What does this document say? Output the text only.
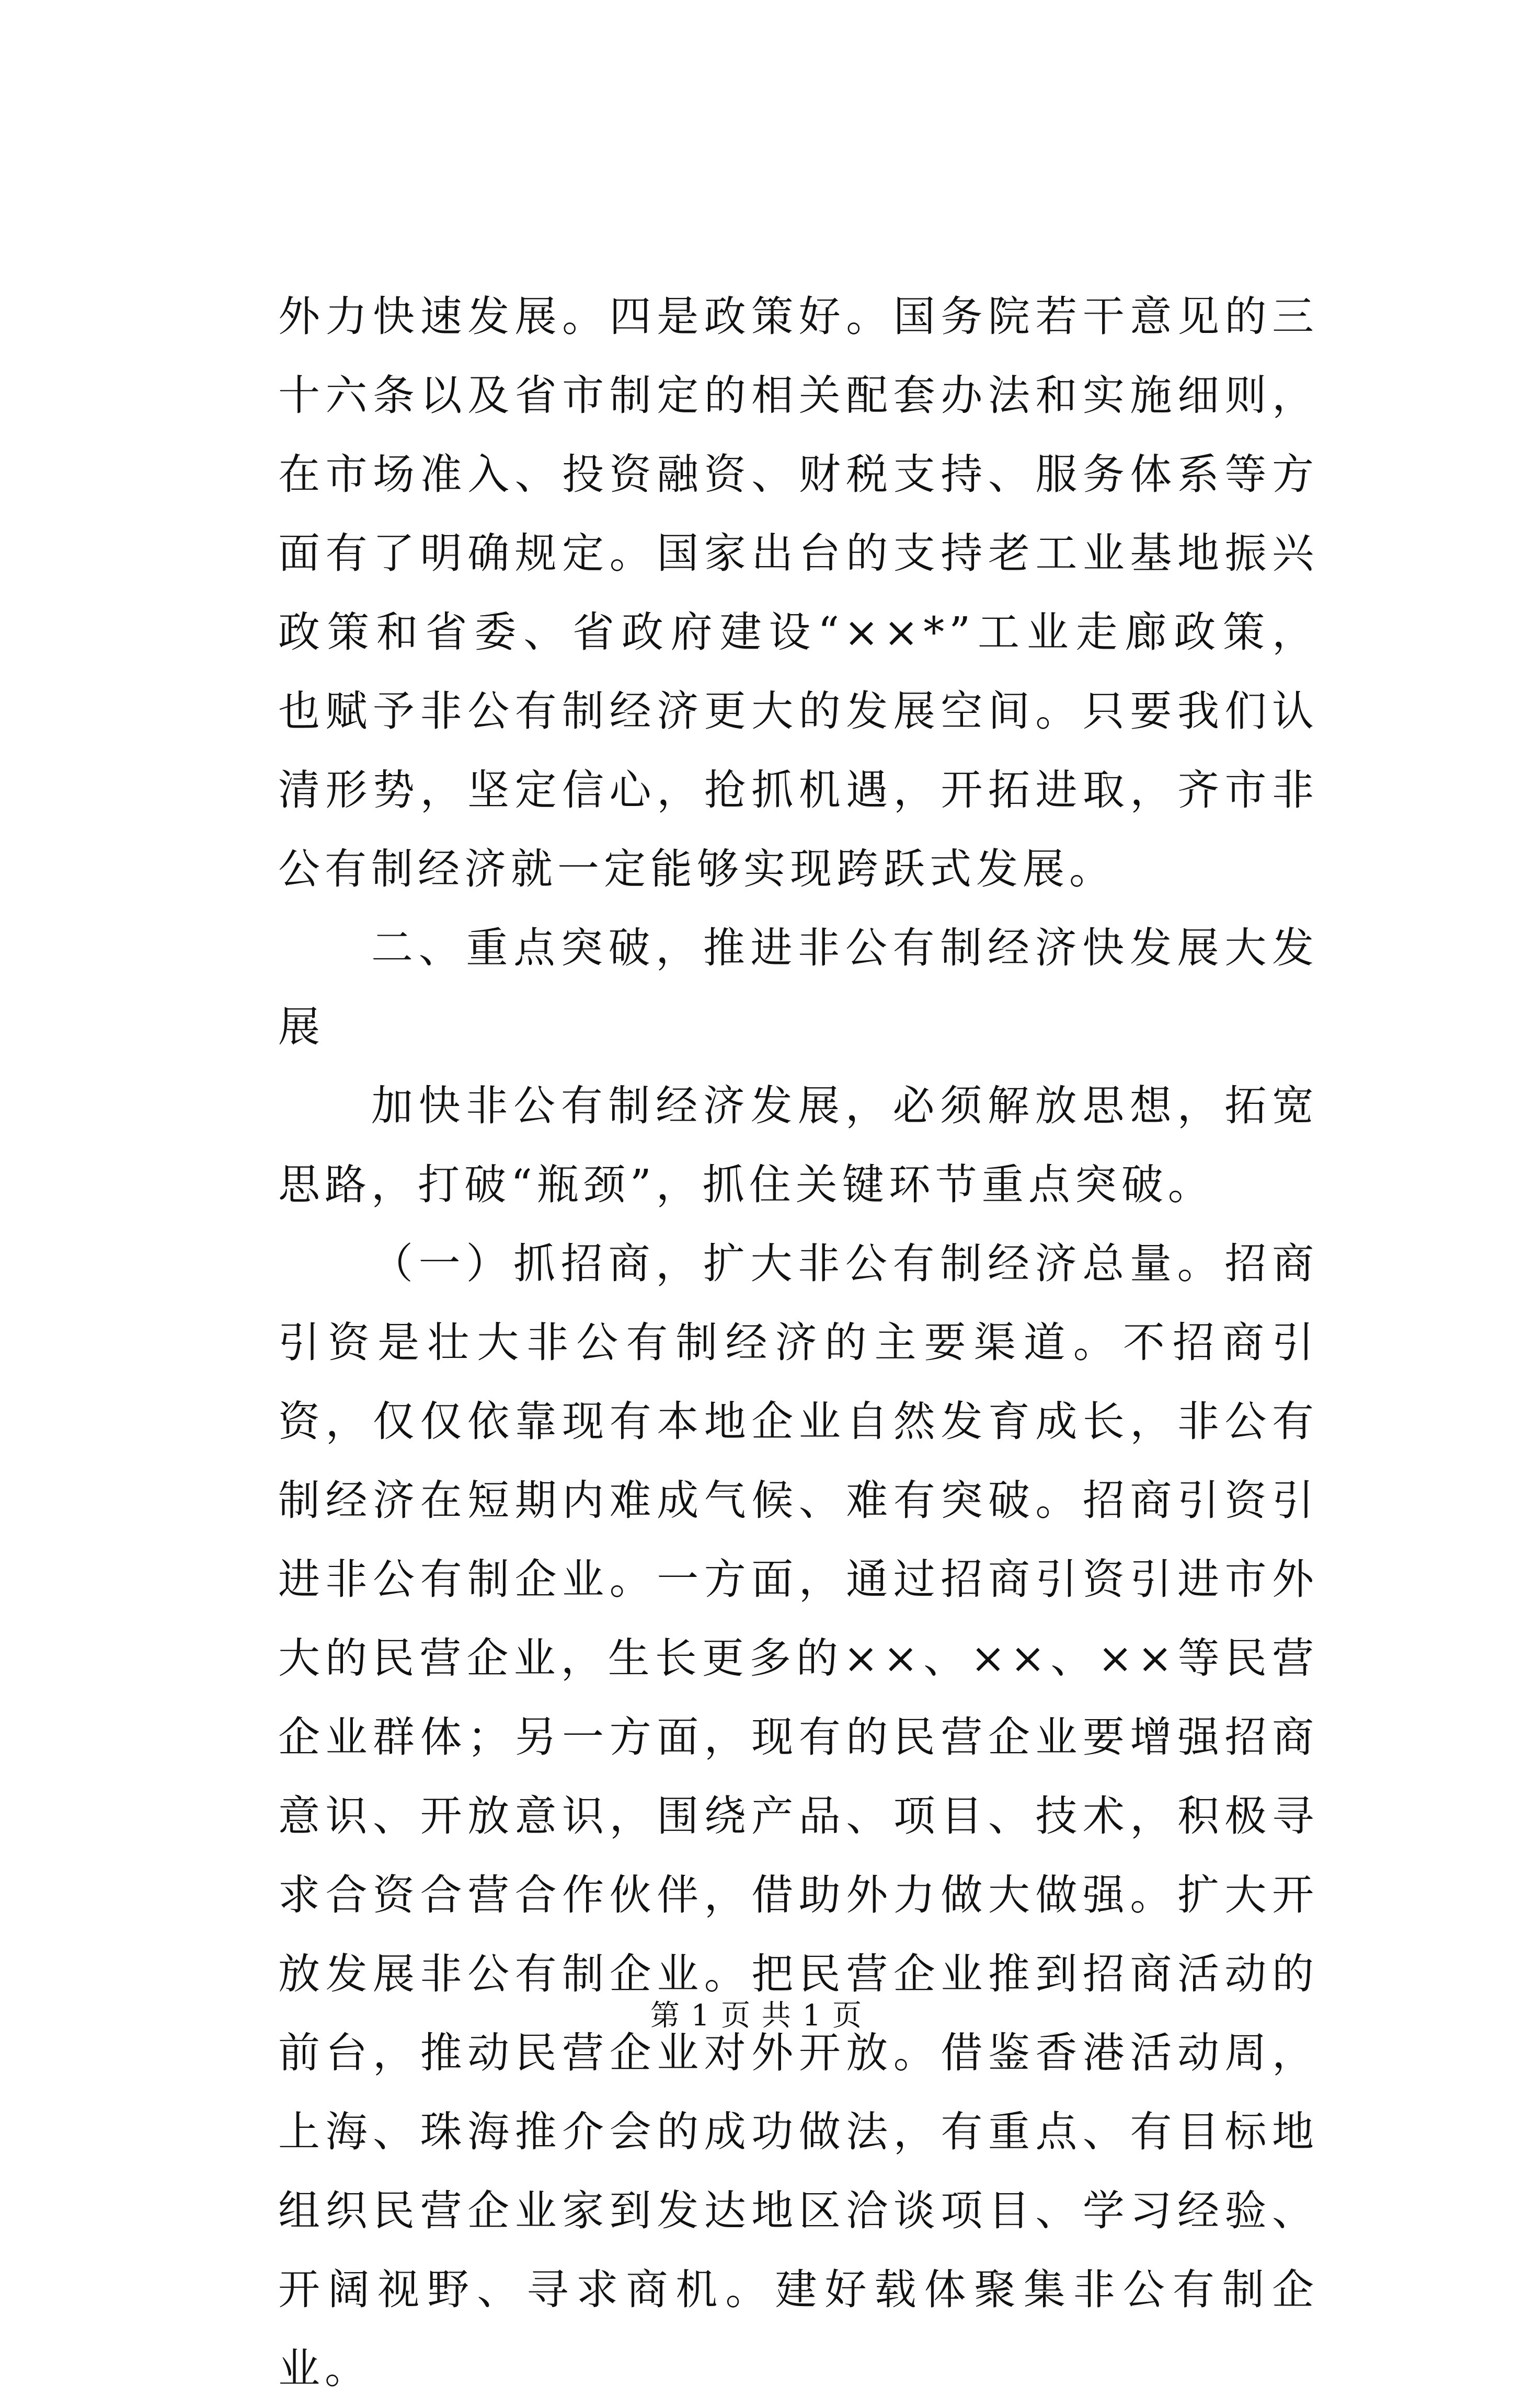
外力快速发展。四是政策好。国务院若干意见的三十六条以及省市制定的相关配套办法和实施细则，在市场准入、投资融资、财税支持、服务体系等方面有了明确规定。国家出台的支持老工业基地振兴政策和省委、省政府建设“××*”工业走廊政策，也赋予非公有制经济更大的发展空间。只要我们认清形势，坚定信心，抢抓机遇，开拓进取，齐市非公有制经济就一定能够实现跨跃式发展。

二、重点突破，推进非公有制经济快发展大发展

加快非公有制经济发展，必须解放思想，拓宽思路，打破“瓶颈”，抓住关键环节重点突破。

（一）抓招商，扩大非公有制经济总量。招商引资是壮大非公有制经济的主要渠道。不招商引资，仅仅依靠现有本地企业自然发育成长，非公有制经济在短期内难成气候、难有突破。招商引资引进非公有制企业。一方面，通过招商引资引进市外大的民营企业，生长更多的××、××、××等民营企业群体；另一方面，现有的民营企业要增强招商意识、开放意识，围绕产品、项目、技术，积极寻求合资合营合作伙伴，借助外力做大做强。扩大开放发展非公有制企业。把民营企业推到招商活动的前台，推动民营企业对外开放。借鉴香港活动周，上海、珠海推介会的成功做法，有重点、有目标地组织民营企业家到发达地区洽谈项目、学习经验、开阔视野、寻求商机。建好载体聚集非公有制企业。

第 1 页 共 1 页
